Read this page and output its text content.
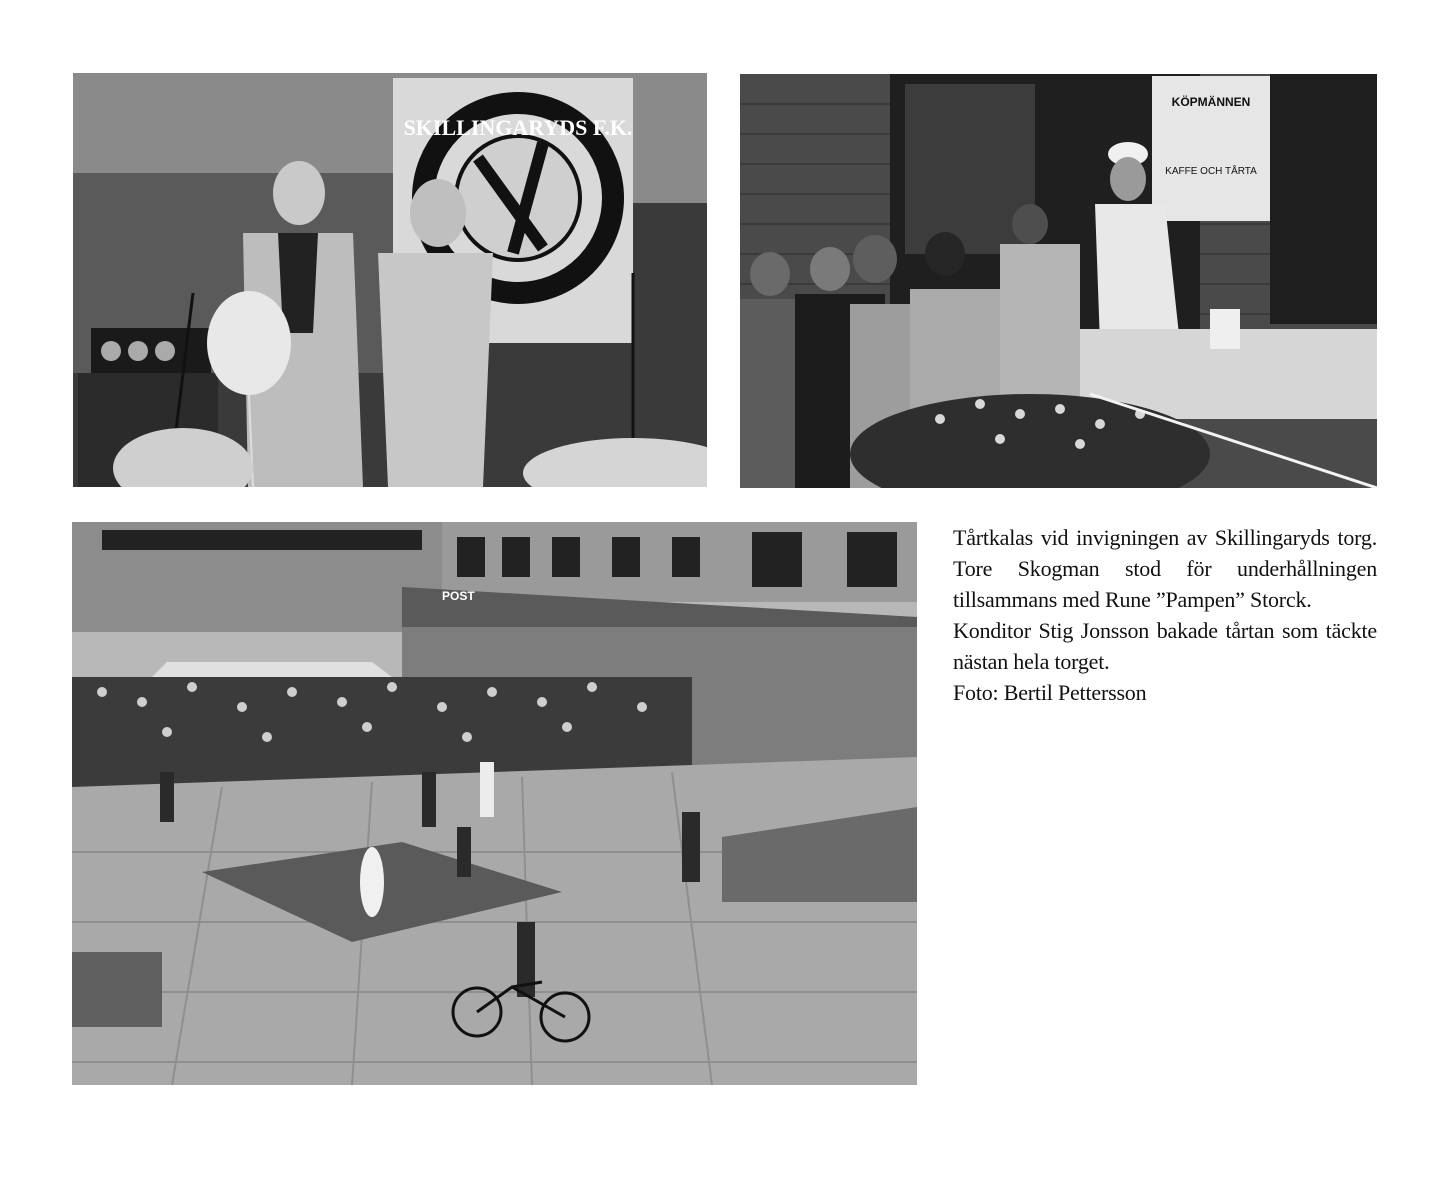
SKILLINGARYDS F.K.
KÖPMÄNNEN
KAFFE OCH TÅRTA
POST

Tårtkalas vid invigningen av Skillingaryds torg. Tore Skogman stod för underhållningen tillsammans med Rune ”Pampen” Storck.

Konditor Stig Jonsson bakade tårtan som täckte nästan hela torget.

Foto: Bertil Pettersson
